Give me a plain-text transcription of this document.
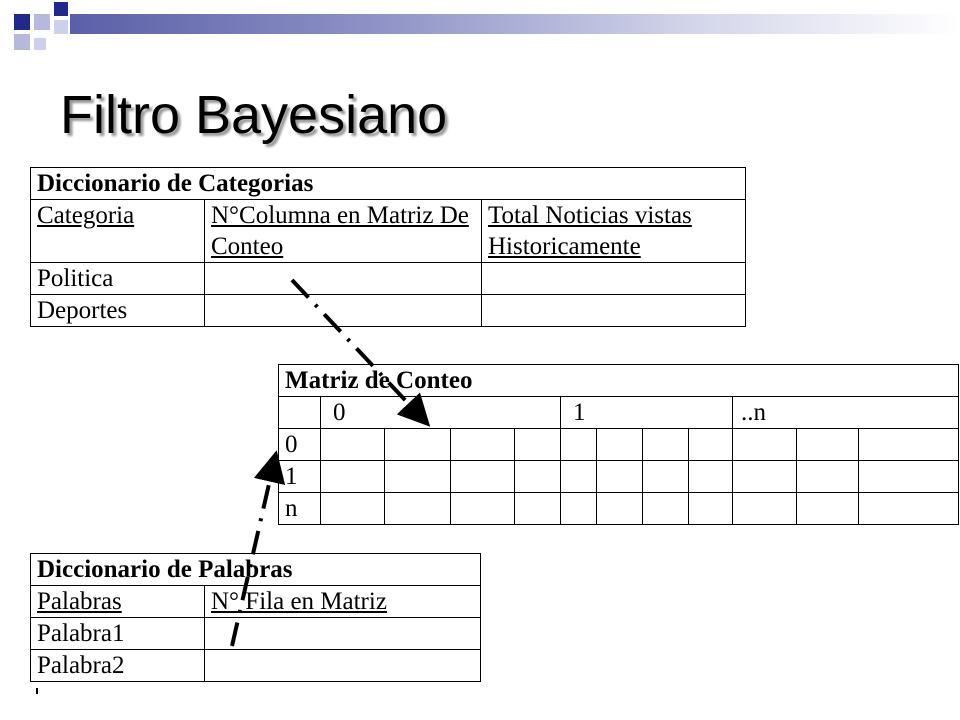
Filtro Bayesiano
Diccionario de Categorias		
Categoria	N°Columna en Matriz De Conteo	Total Noticias vistas Historicamente
Politica		
Deportes		
Matriz de Conteo											
	0				1				..n		
0											
1											
n											
Diccionario de Palabras	
Palabras	N° Fila en Matriz
Palabra1	
Palabra2	
